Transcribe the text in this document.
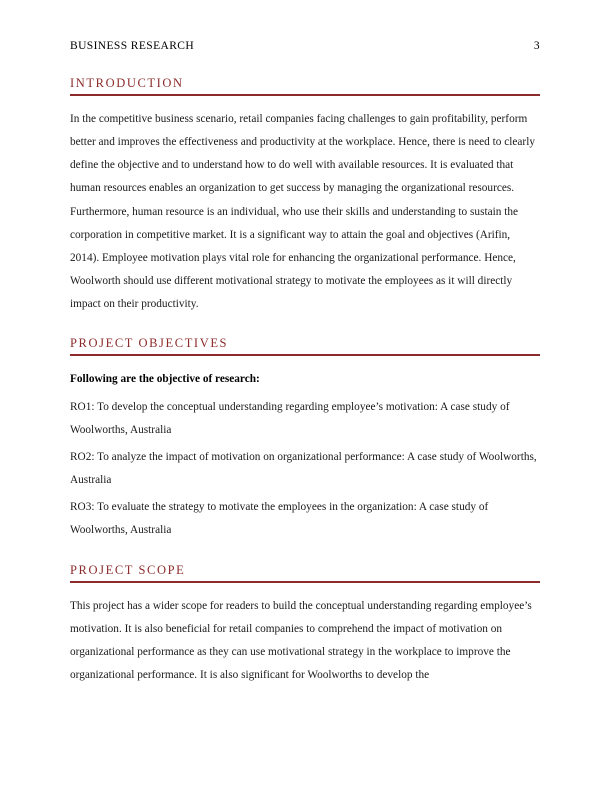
BUSINESS RESEARCH	3
INTRODUCTION

In the competitive business scenario, retail companies facing challenges to gain profitability, perform better and improves the effectiveness and productivity at the workplace. Hence, there is need to clearly define the objective and to understand how to do well with available resources. It is evaluated that human resources enables an organization to get success by managing the organizational resources. Furthermore, human resource is an individual, who use their skills and understanding to sustain the corporation in competitive market. It is a significant way to attain the goal and objectives (Arifin, 2014). Employee motivation plays vital role for enhancing the organizational performance. Hence, Woolworth should use different motivational strategy to motivate the employees as it will directly impact on their productivity.

PROJECT OBJECTIVES

Following are the objective of research:

RO1: To develop the conceptual understanding regarding employee’s motivation: A case study of Woolworths, Australia

RO2: To analyze the impact of motivation on organizational performance: A case study of Woolworths, Australia

RO3: To evaluate the strategy to motivate the employees in the organization: A case study of Woolworths, Australia

PROJECT SCOPE

This project has a wider scope for readers to build the conceptual understanding regarding employee’s motivation. It is also beneficial for retail companies to comprehend the impact of motivation on organizational performance as they can use motivational strategy in the workplace to improve the organizational performance. It is also significant for Woolworths to develop the
